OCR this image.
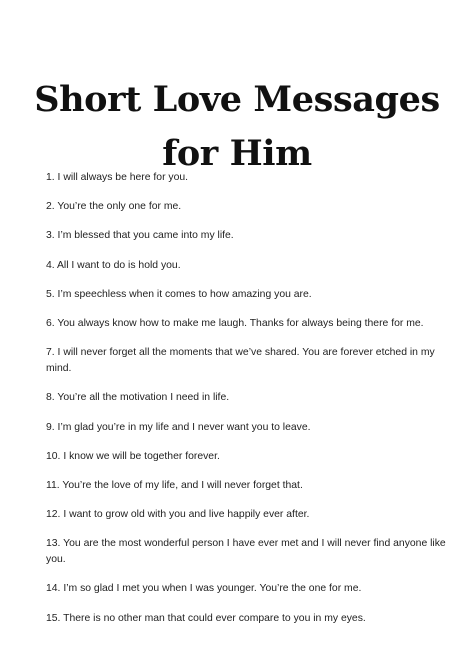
Short Love Messages
for Him
1. I will always be here for you.
2. You’re the only one for me.
3. I’m blessed that you came into my life.
4. All I want to do is hold you.
5. I’m speechless when it comes to how amazing you are.
6. You always know how to make me laugh. Thanks for always being there for me.
7. I will never forget all the moments that we’ve shared. You are forever etched in my mind.
8. You’re all the motivation I need in life.
9. I’m glad you’re in my life and I never want you to leave.
10. I know we will be together forever.
11. You’re the love of my life, and I will never forget that.
12. I want to grow old with you and live happily ever after.
13. You are the most wonderful person I have ever met and I will never find anyone like you.
14. I’m so glad I met you when I was younger. You’re the one for me.
15. There is no other man that could ever compare to you in my eyes.
